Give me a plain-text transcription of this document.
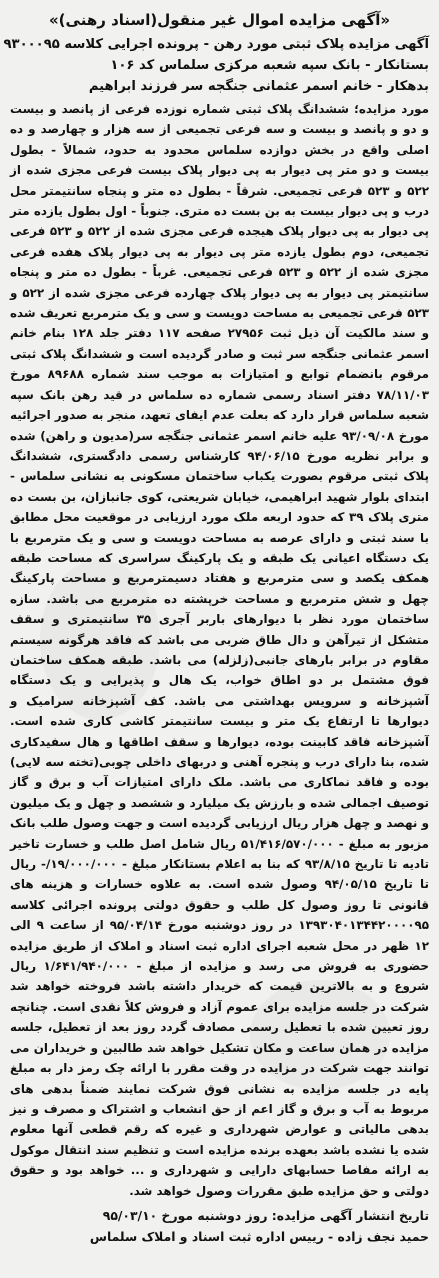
«آگهی مزایده اموال غیر منقول(اسناد رهنی)»

آگهی مزایده پلاک ثبتی مورد رهن - پرونده اجرایی کلاسه ۹۳۰۰۰۹۵

بستانکار - بانک سپه شعبه مرکزی سلماس کد ۱۰۶

بدهکار - خانم اسمر عثمانی جنگجه سر فرزند ابراهیم

مورد مزایده؛ ششدانگ پلاک ثبتی شماره نوزده فرعی از پانصد و بیست و دو و پانصد و بیست و سه فرعی تجمیعی از سه هزار و چهارصد و ده اصلی واقع در بخش دوازده سلماس محدود به حدود، شمالاً - بطول بیست و دو متر پی دیوار به پی دیوار پلاک بیست فرعی مجزی شده از ۵۲۲ و ۵۲۳ فرعی تجمیعی. شرقاً - بطول ده متر و پنجاه سانتیمتر محل درب و پی دیوار بیست به بن بست ده متری. جنوباً - اول بطول یازده متر پی دیوار به پی دیوار پلاک هیجده فرعی مجزی شده از ۵۲۲ و ۵۲۳ فرعی تجمیعی، دوم بطول یازده متر پی دیوار به پی دیوار پلاک هفده فرعی مجزی شده از ۵۲۲ و ۵۲۳ فرعی تجمیعی. غرباً - بطول ده متر و پنجاه سانتیمتر پی دیوار به پی دیوار پلاک چهارده فرعی مجزی شده از ۵۲۲ و ۵۲۳ فرعی تجمیعی به مساحت دویست و سی و یک مترمربع تعریف شده و سند مالکیت آن ذیل ثبت ۲۷۹۵۶ صفحه ۱۱۷ دفتر جلد ۱۲۸ بنام خانم اسمر عثمانی جنگجه سر ثبت و صادر گردیده است و ششدانگ پلاک ثبتی مرقوم بانضمام توابع و امتیازات به موجب سند شماره ۸۹۶۸۸ مورخ ۷۸/۱۱/۰۳ دفتر اسناد رسمی شماره ده سلماس در قید رهن بانک سپه شعبه سلماس قرار دارد که بعلت عدم ایفای تعهد، منجر به صدور اجرائیه مورخ ۹۳/۰۹/۰۸ علیه خانم اسمر عثمانی جنگجه سر(مدیون و راهن) شده و برابر نظریه مورخ ۹۴/۰۶/۱۵ کارشناس رسمی دادگستری، ششدانگ پلاک ثبتی مرقوم بصورت یکباب ساختمان مسکونی به نشانی سلماس - ابتدای بلوار شهید ابراهیمی، خیابان شریعتی، کوی جانبازان، بن بست ده متری پلاک ۳۹ که حدود اربعه ملک مورد ارزیابی در موقعیت محل مطابق با سند ثبتی و دارای عرصه به مساحت دویست و سی و یک مترمربع با یک دستگاه اعیانی یک طبقه و یک پارکینگ سراسری که مساحت طبقه همکف یکصد و سی مترمربع و هفتاد دسیمترمربع و مساحت پارکینگ چهل و شش مترمربع و مساحت خرپشته ده مترمربع می باشد. سازه ساختمان مورد نظر با دیوارهای باربر آجری ۳۵ سانتیمتری و سقف متشکل از تیرآهن و دال طاق ضربی می باشد که فاقد هرگونه سیستم مقاوم در برابر بارهای جانبی(زلزله) می باشد. طبقه همکف ساختمان فوق مشتمل بر دو اطاق خواب، یک هال و پذیرایی و یک دستگاه آشپزخانه و سرویس بهداشتی می باشد. کف آشپزخانه سرامیک و دیوارها تا ارتفاع یک متر و بیست سانتیمتر کاشی کاری شده است. آشپزخانه فاقد کابینت بوده، دیوارها و سقف اطاقها و هال سفیدکاری شده، بنا دارای درب و پنجره آهنی و دربهای داخلی چوبی(تخته سه لایی) بوده و فاقد نماکاری می باشد. ملک دارای امتیازات آب و برق و گاز توصیف اجمالی شده و بارزش یک میلیارد و ششصد و چهل و یک میلیون و نهصد و چهل هزار ریال ارزیابی گردیده است و جهت وصول طلب بانک مزبور به مبلغ - ۵۱/۴۱۶/۵۷۰/۰۰۰ ریال شامل اصل طلب و خسارت تاخیر تادیه تا تاریخ ۹۳/۸/۱۵ که بنا به اعلام بستانکار مبلغ - ۱۹/۰۰۰/۰۰۰/- ریال تا تاریخ ۹۴/۰۵/۱۵ وصول شده است. به علاوه خسارات و هزینه های قانونی تا روز وصول کل طلب و حقوق دولتی پرونده اجرائی کلاسه ۱۳۹۳۰۴۰۱۳۴۴۲۰۰۰۰۹۵ در روز دوشنبه مورخ ۹۵/۰۴/۱۴ از ساعت ۹ الی ۱۲ ظهر در محل شعبه اجرای اداره ثبت اسناد و املاک از طریق مزایده حضوری به فروش می رسد و مزایده از مبلغ - ۱/۶۴۱/۹۴۰/۰۰۰ ریال شروع و به بالاترین قیمت که خریدار داشته باشد فروخته خواهد شد شرکت در جلسه مزایده برای عموم آزاد و فروش کلاً نقدی است. چنانچه روز تعیین شده با تعطیل رسمی مصادف گردد روز بعد از تعطیل، جلسه مزایده در همان ساعت و مکان تشکیل خواهد شد طالبین و خریداران می توانند جهت شرکت در مزایده در وقت مقرر با ارائه چک رمز دار به مبلغ پایه در جلسه مزایده به نشانی فوق شرکت نمایند ضمناً بدهی های مربوط به آب و برق و گاز اعم از حق انشعاب و اشتراک و مصرف و نیز بدهی مالیاتی و عوارض شهرداری و غیره که رقم قطعی آنها معلوم شده یا نشده باشد بعهده برنده مزایده است و تنظیم سند انتقال موکول به ارائه مفاصا حسابهای دارایی و شهرداری و ... خواهد بود و حقوق دولتی و حق مزایده طبق مقررات وصول خواهد شد.

تاریخ انتشار آگهی مزایده: روز دوشنبه مورخ ۹۵/۰۳/۱۰

حمید نجف زاده - رییس اداره ثبت اسناد و املاک سلماس
